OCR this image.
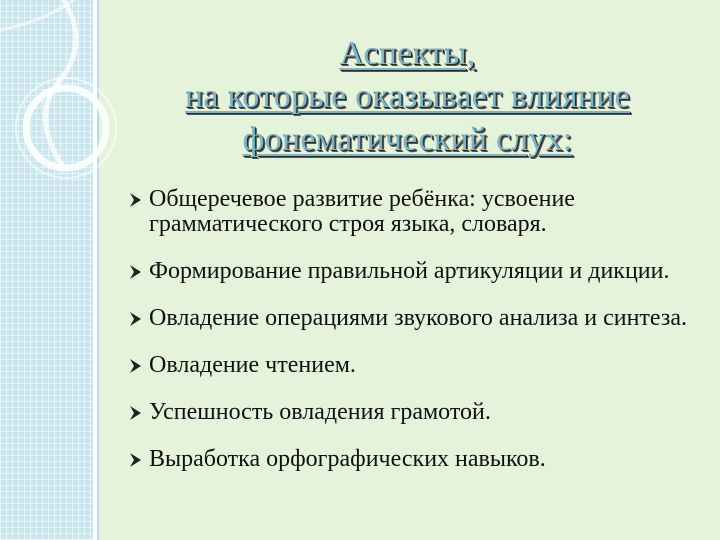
Аспекты,
на которые оказывает влияние
фонематический слух:
Общеречевое развитие ребёнка: усвоение грамматического строя языка, словаря.
Формирование правильной артикуляции и дикции.
Овладение операциями звукового анализа и синтеза.
Овладение чтением.
Успешность овладения грамотой.
Выработка орфографических навыков.
